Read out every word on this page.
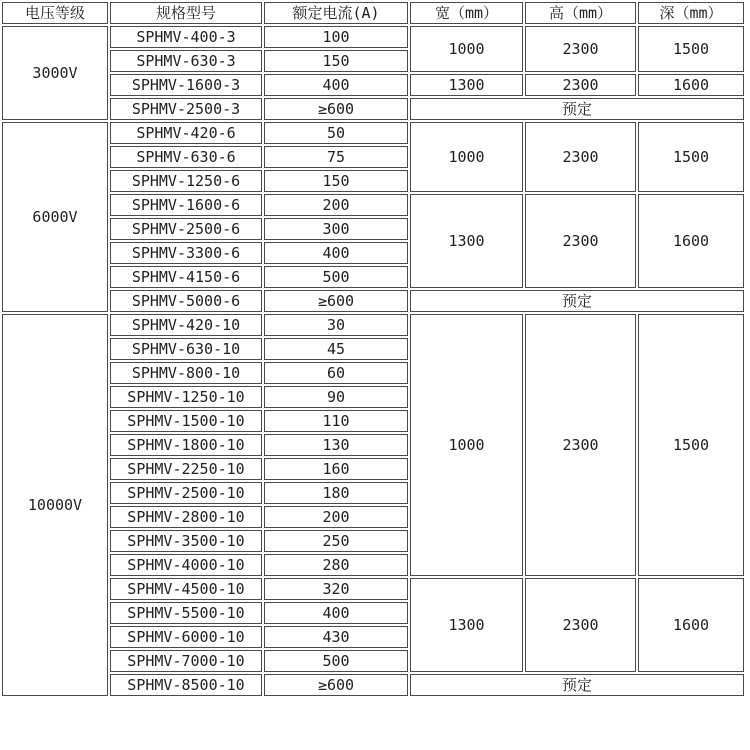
电压等级	规格型号	额定电流(A)	宽（mm）	高（mm）	深（mm）
3000V	SPHMV-400-3	100	1000	2300	1500
	SPHMV-630-3	150			
	SPHMV-1600-3	400	1300	2300	1600
	SPHMV-2500-3	≥600	预定		
6000V	SPHMV-420-6	50	1000	2300	1500
	SPHMV-630-6	75			
	SPHMV-1250-6	150			
	SPHMV-1600-6	200	1300	2300	1600
	SPHMV-2500-6	300			
	SPHMV-3300-6	400			
	SPHMV-4150-6	500			
	SPHMV-5000-6	≥600	预定		
10000V	SPHMV-420-10	30	1000	2300	1500
	SPHMV-630-10	45			
	SPHMV-800-10	60			
	SPHMV-1250-10	90			
	SPHMV-1500-10	110			
	SPHMV-1800-10	130			
	SPHMV-2250-10	160			
	SPHMV-2500-10	180			
	SPHMV-2800-10	200			
	SPHMV-3500-10	250			
	SPHMV-4000-10	280			
	SPHMV-4500-10	320	1300	2300	1600
	SPHMV-5500-10	400			
	SPHMV-6000-10	430			
	SPHMV-7000-10	500			
	SPHMV-8500-10	≥600	预定		
